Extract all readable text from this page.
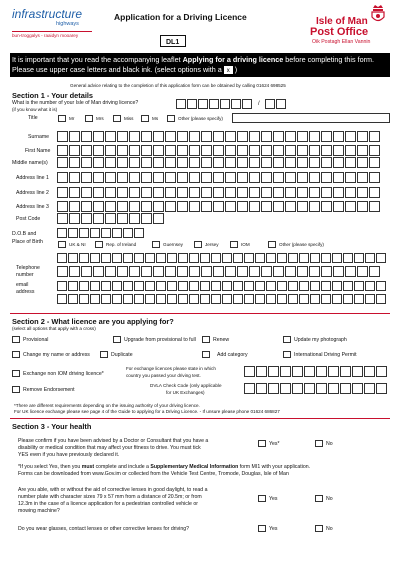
infrastructure
highways
bun-troggalys - raaidyn mooarey
Application for a Driving Licence
DL1
Isle of Man
Post Office
Oik Postagh Ellan Vannin
It is important that you read the accompanying leaflet Applying for a driving licence before completing this form. Please use upper case letters and black ink. (select options with a x )
General advice relating to the completion of this application form can be obtained by calling 01624 698525
Section 1 - Your details
What is the number of your Isle of Man driving licence?
(if you know what it is)
/
Title	Mr	Mrs	Miss	Ms	Other (please specify)
Surname
First Name
Middle name(s)
Address line 1
Address line 2
Address line 3
Post Code
D.O.B and
Place of Birth	UK & NI	Rep. of Ireland	Guernsey	Jersey	IOM	Other (please specify)
Telephone
number
email
address
Section 2 - What licence are you applying for?
(select all options that apply with a cross)
Provisional	Upgrade from provisional to full	Renew	Update my photograph
Change my name or address	Duplicate	Add category	International Driving Permit
Exchange non IOM driving licence*
For exchange licences please state in which
country you passed your driving test.
Remove Endorsement
DVLA Check Code (only applicable
for UK Exchanges)
*There are different requirements depending on the issuing authority of your driving licence.
For UK licence exchange please see page 4 of the Guide to applying for a Driving Licence. - If unsure please phone 01624 686827
Section 3 - Your health
Please confirm if you have been advised by a Doctor or Consultant that you have a
disability or medical condition that may affect your fitness to drive. You must tick
YES even if you have previously declared it.
Yes*	No
*If you select Yes, then you must complete and include a Supplementary Medical Information form MI1 with your application.
Forms can be downloaded from www.Gov.im or collected from the Vehicle Test Centre, Tromode, Douglas, Isle of Man
Are you able, with or without the aid of corrective lenses in good daylight, to read a
number plate with character sizes 79 x 57 mm from a distance of 20.5m; or from
12.3m in the case of a licence application for a pedestrian controlled vehicle or
mowing machine?
Yes	No
Do you wear glasses, contact lenses or other corrective lenses for driving?	Yes	No
